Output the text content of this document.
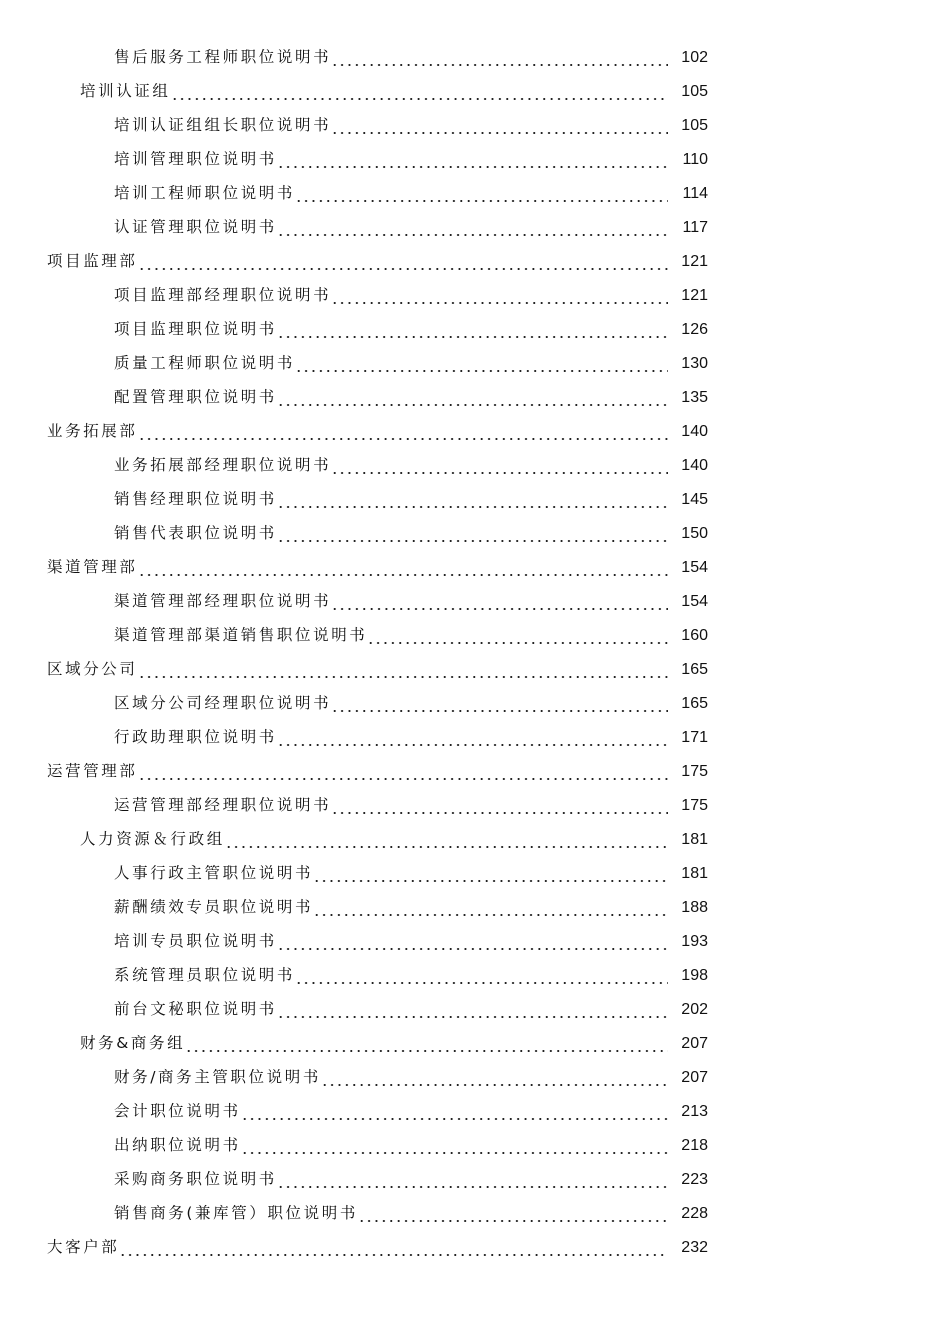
售后服务工程师职位说明书	102
培训认证组	105
培训认证组组长职位说明书	105
培训管理职位说明书	110
培训工程师职位说明书	114
认证管理职位说明书	117
项目监理部	121
项目监理部经理职位说明书	121
项目监理职位说明书	126
质量工程师职位说明书	130
配置管理职位说明书	135
业务拓展部	140
业务拓展部经理职位说明书	140
销售经理职位说明书	145
销售代表职位说明书	150
渠道管理部	154
渠道管理部经理职位说明书	154
渠道管理部渠道销售职位说明书	160
区域分公司	165
区域分公司经理职位说明书	165
行政助理职位说明书	171
运营管理部	175
运营管理部经理职位说明书	175
人力资源＆行政组	181
人事行政主管职位说明书	181
薪酬绩效专员职位说明书	188
培训专员职位说明书	193
系统管理员职位说明书	198
前台文秘职位说明书	202
财务&商务组	207
财务/商务主管职位说明书	207
会计职位说明书	213
出纳职位说明书	218
采购商务职位说明书	223
销售商务(兼库管）职位说明书	228
大客户部	232
